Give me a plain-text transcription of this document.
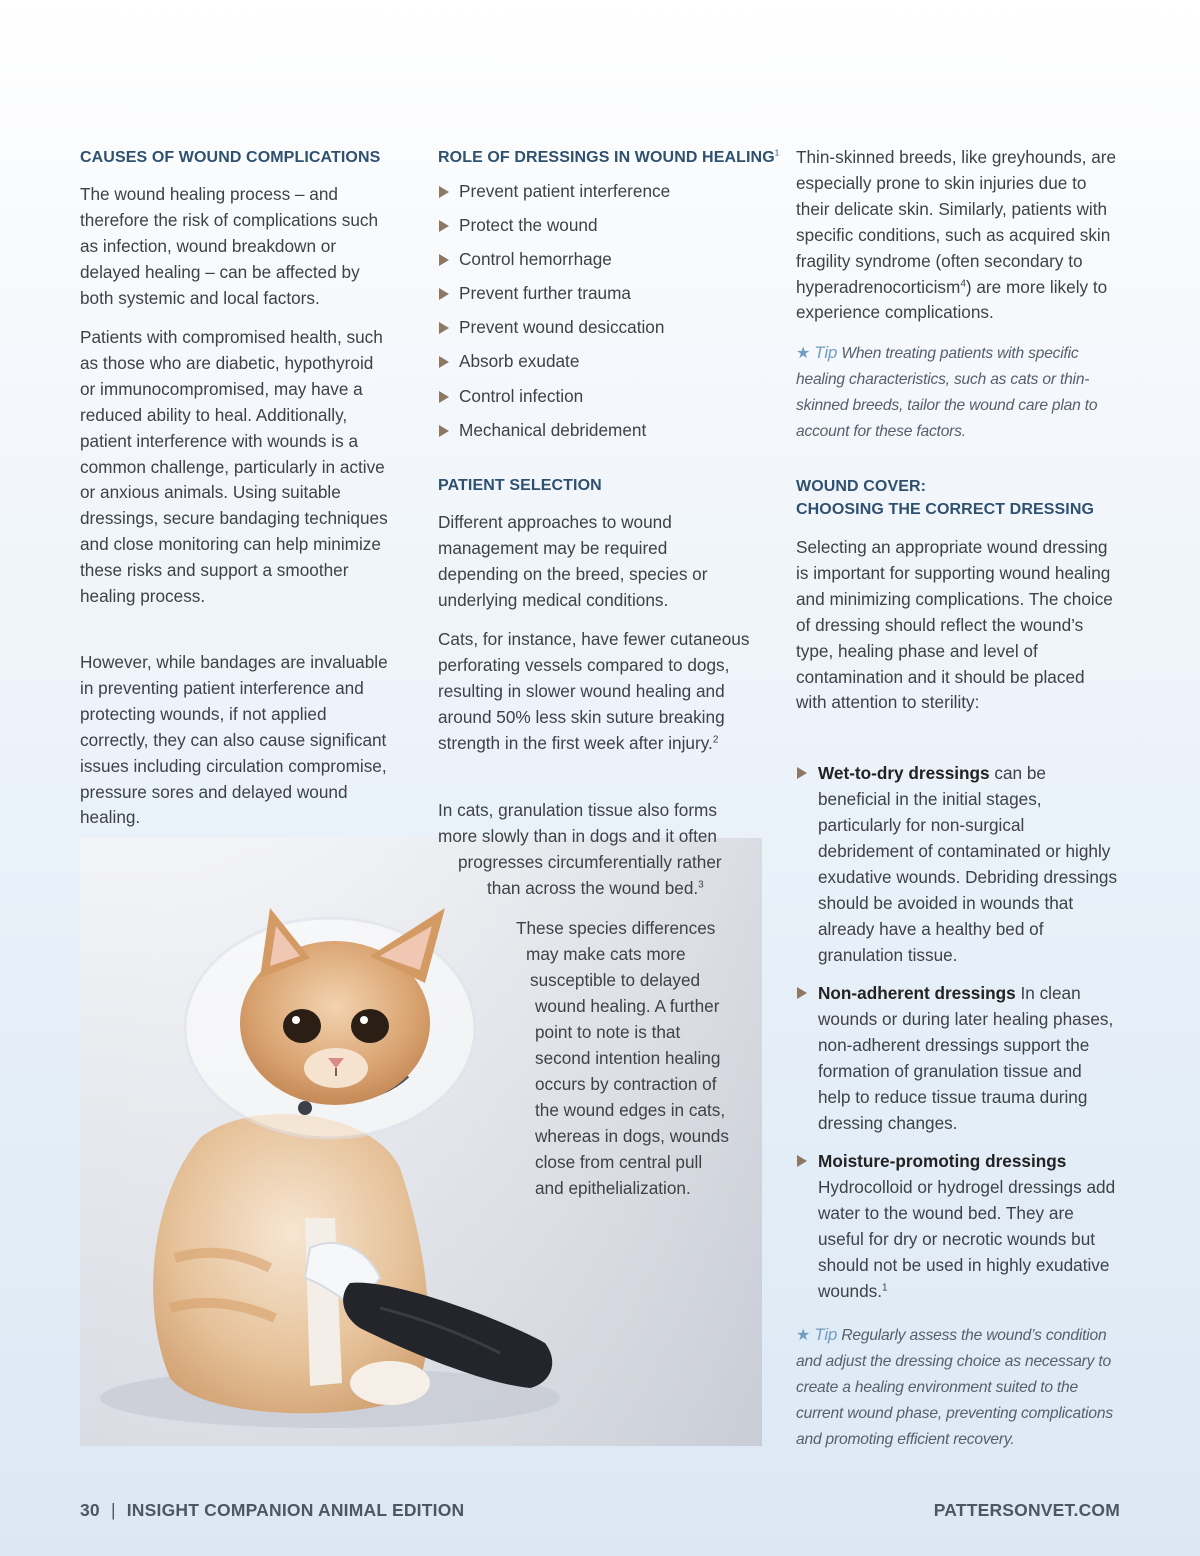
CAUSES OF WOUND COMPLICATIONS

The wound healing process – and therefore the risk of complications such as infection, wound breakdown or delayed healing – can be affected by both systemic and local factors.

Patients with compromised health, such as those who are diabetic, hypothyroid or immunocompromised, may have a reduced ability to heal. Additionally, patient interference with wounds is a common challenge, particularly in active or anxious animals. Using suitable dressings, secure bandaging techniques and close monitoring can help minimize these risks and support a smoother healing process.

However, while bandages are invaluable in preventing patient interference and protecting wounds, if not applied correctly, they can also cause significant issues including circulation compromise, pressure sores and delayed wound healing.

ROLE OF DRESSINGS IN WOUND HEALING$^1$
Prevent patient interference
Protect the wound
Control hemorrhage
Prevent further trauma
Prevent wound desiccation
Absorb exudate
Control infection
Mechanical debridement
PATIENT SELECTION

Different approaches to wound management may be required depending on the breed, species or underlying medical conditions.

Cats, for instance, have fewer cutaneous perforating vessels compared to dogs, resulting in slower wound healing and around 50% less skin suture breaking strength in the first week after injury.$^2$

In cats, granulation tissue also forms
more slowly than in dogs and it often
progresses circumferentially rather
than across the wound bed.$^3$
These species differences
may make cats more
susceptible to delayed
wound healing. A further
point to note is that
second intention healing
occurs by contraction of
the wound edges in cats,
whereas in dogs, wounds
close from central pull
and epithelialization.

Thin-skinned breeds, like greyhounds, are especially prone to skin injuries due to their delicate skin. Similarly, patients with specific conditions, such as acquired skin fragility syndrome (often secondary to hyperadrenocorticism$^4$) are more likely to experience complications.

★ Tip When treating patients with specific healing characteristics, such as cats or thin-skinned breeds, tailor the wound care plan to account for these factors.

WOUND COVER:
CHOOSING THE CORRECT DRESSING

Selecting an appropriate wound dressing is important for supporting wound healing and minimizing complications. The choice of dressing should reflect the wound’s type, healing phase and level of contamination and it should be placed with attention to sterility:

Wet-to-dry dressings can be beneficial in the initial stages, particularly for non-surgical debridement of contaminated or highly exudative wounds. Debriding dressings should be avoided in wounds that already have a healthy bed of granulation tissue.
Non-adherent dressings In clean wounds or during later healing phases, non-adherent dressings support the formation of granulation tissue and help to reduce tissue trauma during dressing changes.
Moisture-promoting dressings Hydrocolloid or hydrogel dressings add water to the wound bed. They are useful for dry or necrotic wounds but should not be used in highly exudative wounds.$^1$

★ Tip Regularly assess the wound’s condition and adjust the dressing choice as necessary to create a healing environment suited to the current wound phase, preventing complications and promoting efficient recovery.

30 | INSIGHT COMPANION ANIMAL EDITION	PATTERSONVET.COM
